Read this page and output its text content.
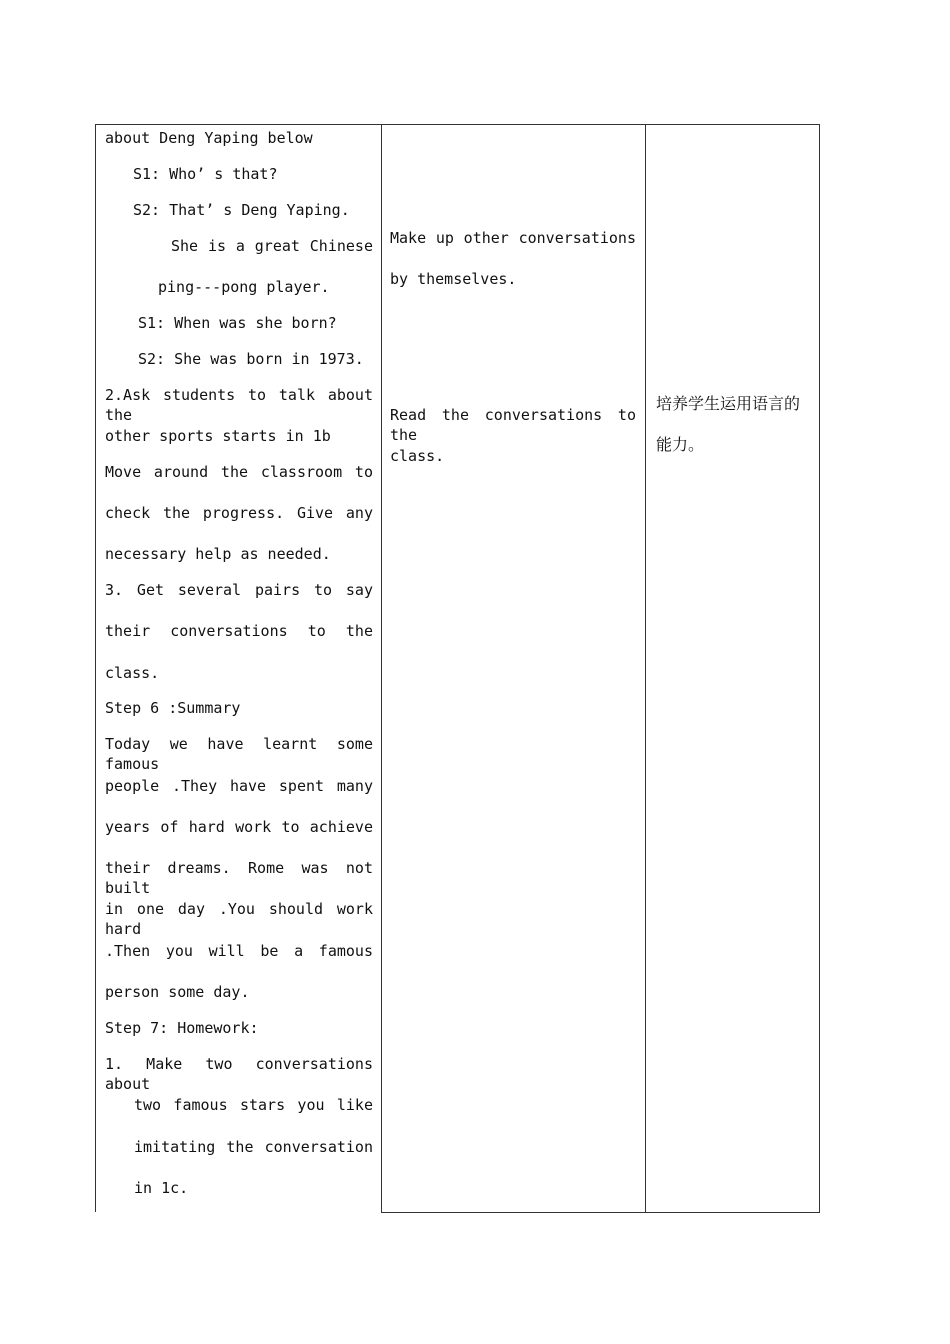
about Deng Yaping below
S1: Who’ s that?
S2: That’ s Deng Yaping.
She is a great Chinese
ping---pong player.
S1: When was she born?
S2: She was born in 1973.
2.Ask students to talk about the
other sports starts in 1b
Move around the classroom to
check the progress. Give any
necessary help as needed.
3. Get several pairs to say
their conversations to the
class.
Step 6 :Summary
Today we have learnt some famous
people .They have spent many
years of hard work to achieve
their dreams. Rome was not built
in one day .You should work hard
.Then you will be a famous
person some day.
Step 7: Homework:
1. Make two conversations about
two famous stars you like
imitating the conversation
in 1c.
Make up other conversations
by themselves.
Read the conversations to the
class.
培养学生运用语言的
能力。
